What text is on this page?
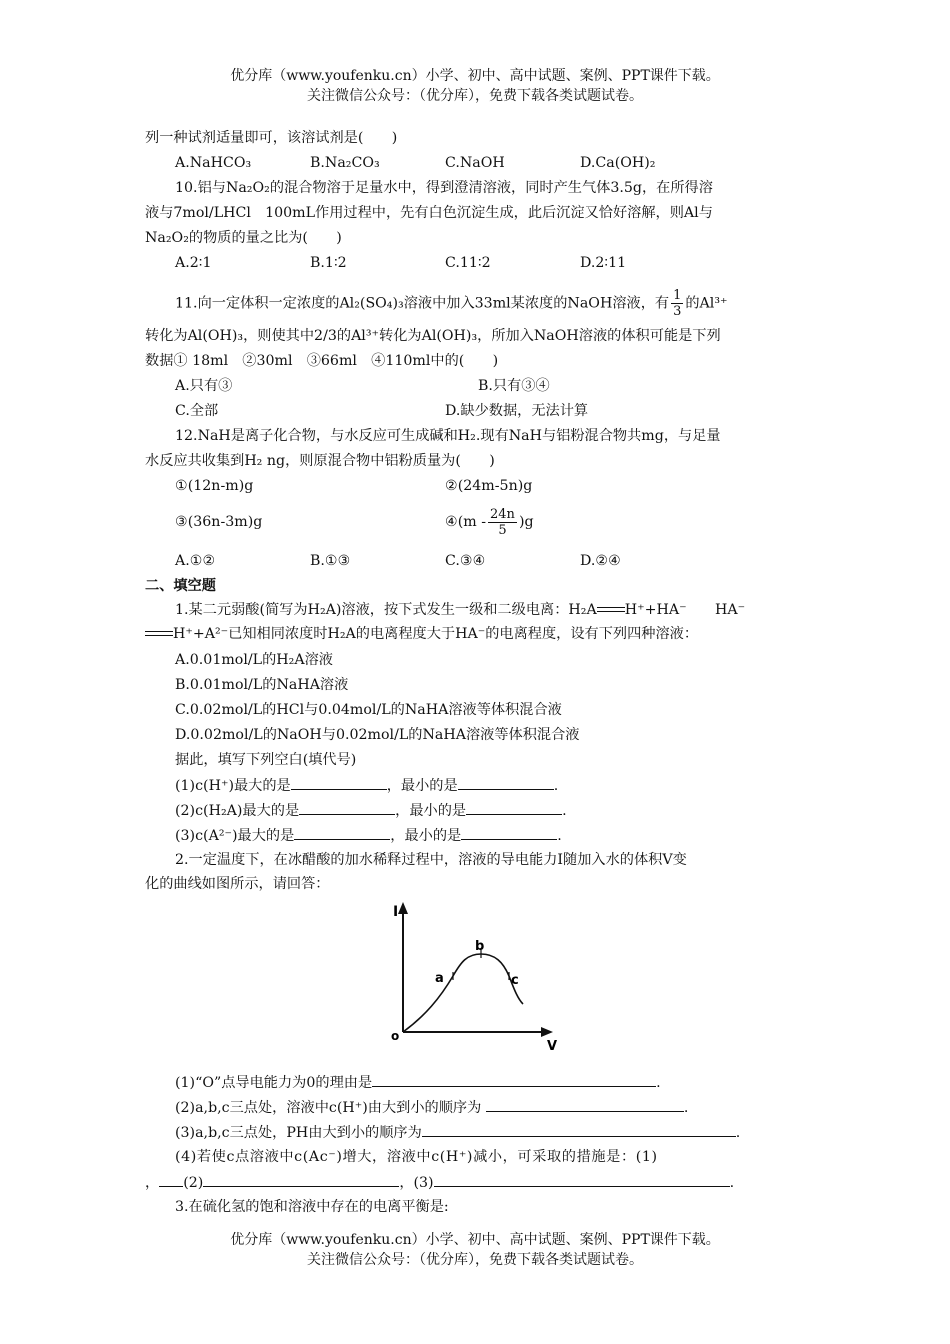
优分库（www.youfenku.cn）小学、初中、高中试题、案例、PPT课件下载。
关注微信公众号：（优分库），免费下载各类试题试卷。
列一种试剂适量即可，该溶试剂是(　　)
A.NaHCO₃	B.Na₂CO₃	C.NaOH	D.Ca(OH)₂
10.铝与Na₂O₂的混合物溶于足量水中，得到澄清溶液，同时产生气体3.5g，在所得溶
液与7mol/LHCl　100mL作用过程中，先有白色沉淀生成，此后沉淀又恰好溶解，则Al与
Na₂O₂的物质的量之比为(　　)
A.2∶1	B.1∶2	C.11∶2	D.2∶11
11.向一定体积一定浓度的Al₂(SO₄)₃溶液中加入33ml某浓度的NaOH溶液，有 $\frac{1}{3}$ 的Al³⁺
转化为Al(OH)₃，则使其中2/3的Al³⁺转化为Al(OH)₃，所加入NaOH溶液的体积可能是下列
数据① 18ml　②30ml　③66ml　④110ml中的(　　)
A.只有③	B.只有③④
C.全部	D.缺少数据，无法计算
12.NaH是离子化合物，与水反应可生成碱和H₂.现有NaH与铝粉混合物共mg，与足量
水反应共收集到H₂ ng，则原混合物中铝粉质量为(　　)
①(12n-m)g	②(24m-5n)g
③(36n-3m)g	④(m - $\frac{24n}{5} )g$
A.①②	B.①③	C.③④	D.②④
二、填空题
1.某二元弱酸(简写为H₂A)溶液，按下式发生一级和二级电离：H₂A H⁺+HA⁻　　HA⁻
H⁺+A²⁻已知相同浓度时H₂A的电离程度大于HA⁻的电离程度，设有下列四种溶液：
A.0.01mol/L的H₂A溶液
B.0.01mol/L的NaHA溶液
C.0.02mol/L的HCl与0.04mol/L的NaHA溶液等体积混合液
D.0.02mol/L的NaOH与0.02mol/L的NaHA溶液等体积混合液
据此，填写下列空白(填代号)
(1)c(H⁺)最大的是	，最小的是	.
(2)c(H₂A)最大的是	，最小的是	.
(3)c(A²⁻)最大的是	，最小的是	.
2.一定温度下，在冰醋酸的加水稀释过程中，溶液的导电能力I随加入水的体积V变
化的曲线如图所示，请回答：
I
V
o
a
b
c
(1)“O”点导电能力为0的理由是	.
(2)a,b,c三点处，溶液中c(H⁺)由大到小的顺序为	.
(3)a,b,c三点处，PH由大到小的顺序为	.
(4)若使c点溶液中c(Ac⁻)增大，溶液中c(H⁺)减小，可采取的措施是：(1)
， (2)	，(3)	.
3.在硫化氢的饱和溶液中存在的电离平衡是:
优分库（www.youfenku.cn）小学、初中、高中试题、案例、PPT课件下载。
关注微信公众号：（优分库），免费下载各类试题试卷。
